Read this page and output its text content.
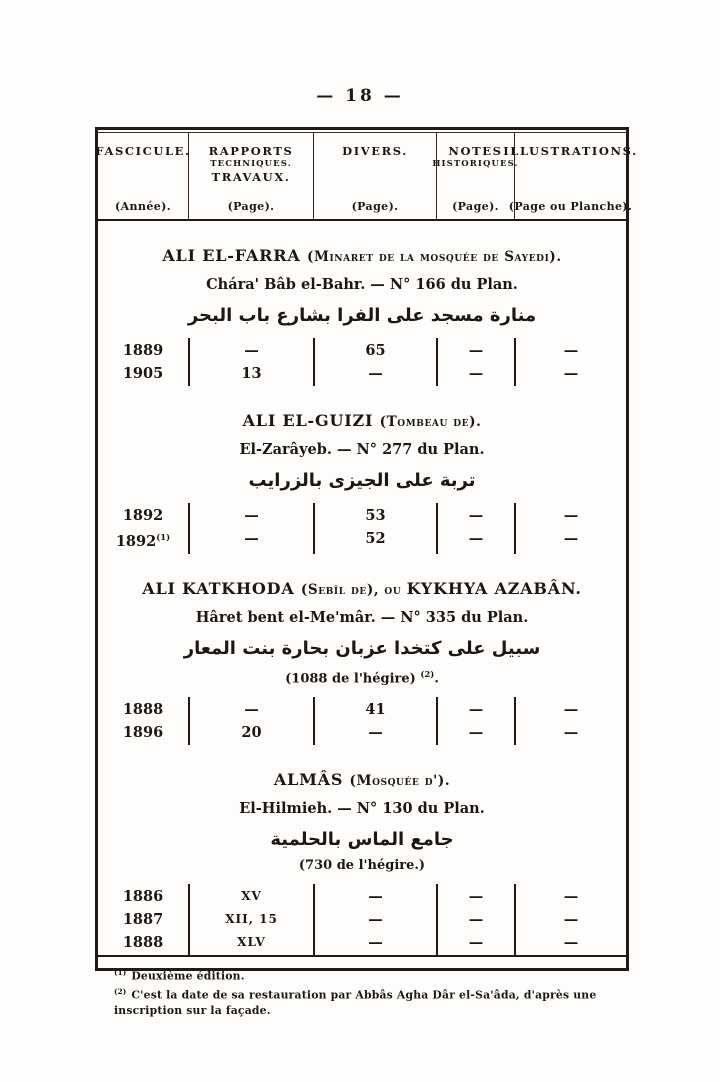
— 18 —
FASCICULE.
(Année).
RAPPORTS
TECHNIQUES.
TRAVAUX.
(Page).
DIVERS.
(Page).
NOTES
HISTORIQUES.
(Page).
ILLUSTRATIONS.
(Page ou Planche).
ALI EL-FARRA (Minaret de la mosquée de Sayedi).
Chára' Bâb el-Bahr. — N° 166 du Plan.
منارة مسجد على الفرا بشارع باب البحر
1889
1905
—
13
65
—
—
—
—
—
ALI EL-GUIZI (Tombeau de).
El-Zarâyeb. — N° 277 du Plan.
تربة على الجيزى بالزرايب
1892
1892$^{(1)}$
—
—
53
52
—
—
—
—
ALI KATKHODA (Sebîl de), ou KYKHYA AZABÂN.
Hâret bent el-Me'mâr. — N° 335 du Plan.
سبيل على كتخدا عزبان بحارة بنت المعار
(1088 de l'hégire) $^{(2)}$.
1888
1896
—
20
41
—
—
—
—
—
ALMÂS (Mosquée d').
El-Hilmieh. — N° 130 du Plan.
جامع الماس بالحلمية
(730 de l'hégire.)
1886
1887
1888
XV
XII, 15
XLV
—
—
—
—
—
—
—
—
—
$^{(1)}$ Deuxième édition.
$^{(2)}$ C'est la date de sa restauration par Abbâs Agha Dâr el-Sa'âda, d'après une inscription sur la façade.
